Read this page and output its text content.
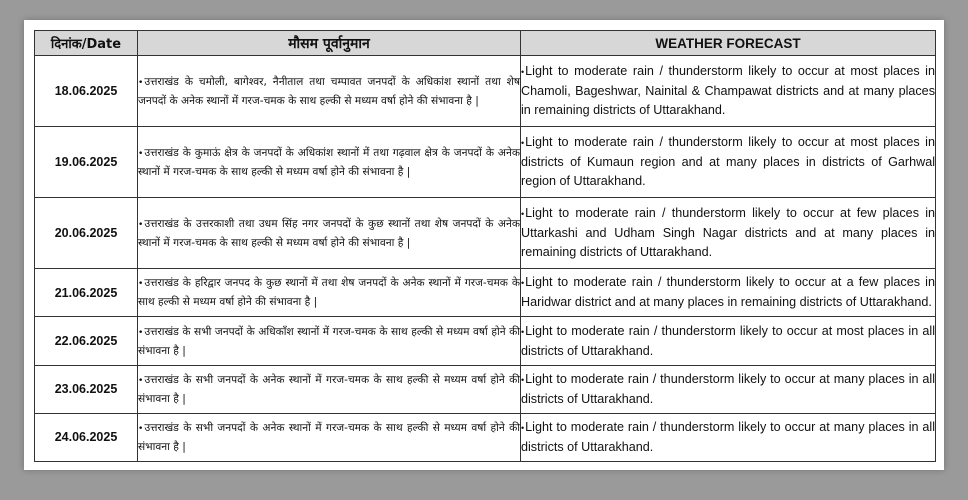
दिनांक/Date	मौसम पूर्वानुमान	WEATHER FORECAST
18.06.2025	•उत्तराखंड के चमोली, बागेश्वर, नैनीताल तथा चम्पावत जनपदों के अधिकांश स्थानों तथा शेष जनपदों के अनेक स्थानों में गरज-चमक के साथ हल्की से मध्यम वर्षा होने की संभावना है |	•Light to moderate rain / thunderstorm likely to occur at most places in Chamoli, Bageshwar, Nainital & Champawat districts and at many places in remaining districts of Uttarakhand.
19.06.2025	•उत्तराखंड के कुमाऊं क्षेत्र के जनपदों के अधिकांश स्थानों में तथा गढ़वाल क्षेत्र के जनपदों के अनेक स्थानों में गरज-चमक के साथ हल्की से मध्यम वर्षा होने की संभावना है |	•Light to moderate rain / thunderstorm likely to occur at most places in districts of Kumaun region and at many places in districts of Garhwal region of Uttarakhand.
20.06.2025	•उत्तराखंड के उत्तरकाशी तथा उधम सिंह नगर जनपदों के कुछ स्थानों तथा शेष जनपदों के अनेक स्थानों में गरज-चमक के साथ हल्की से मध्यम वर्षा होने की संभावना है |	•Light to moderate rain / thunderstorm likely to occur at few places in Uttarkashi and Udham Singh Nagar districts and at many places in remaining districts of Uttarakhand.
21.06.2025	•उत्तराखंड के हरिद्वार जनपद के कुछ स्थानों में तथा शेष जनपदों के अनेक स्थानों में गरज-चमक के साथ हल्की से मध्यम वर्षा होने की संभावना है |	•Light to moderate rain / thunderstorm likely to occur at a few places in Haridwar district and at many places in remaining districts of Uttarakhand.
22.06.2025	•उत्तराखंड के सभी जनपदों के अधिकाँश स्थानों में गरज-चमक के साथ हल्की से मध्यम वर्षा होने की संभावना है |	•Light to moderate rain / thunderstorm likely to occur at most places in all districts of Uttarakhand.
23.06.2025	•उत्तराखंड के सभी जनपदों के अनेक स्थानों में गरज-चमक के साथ हल्की से मध्यम वर्षा होने की संभावना है |	•Light to moderate rain / thunderstorm likely to occur at many places in all districts of Uttarakhand.
24.06.2025	•उत्तराखंड के सभी जनपदों के अनेक स्थानों में गरज-चमक के साथ हल्की से मध्यम वर्षा होने की संभावना है |	•Light to moderate rain / thunderstorm likely to occur at many places in all districts of Uttarakhand.
